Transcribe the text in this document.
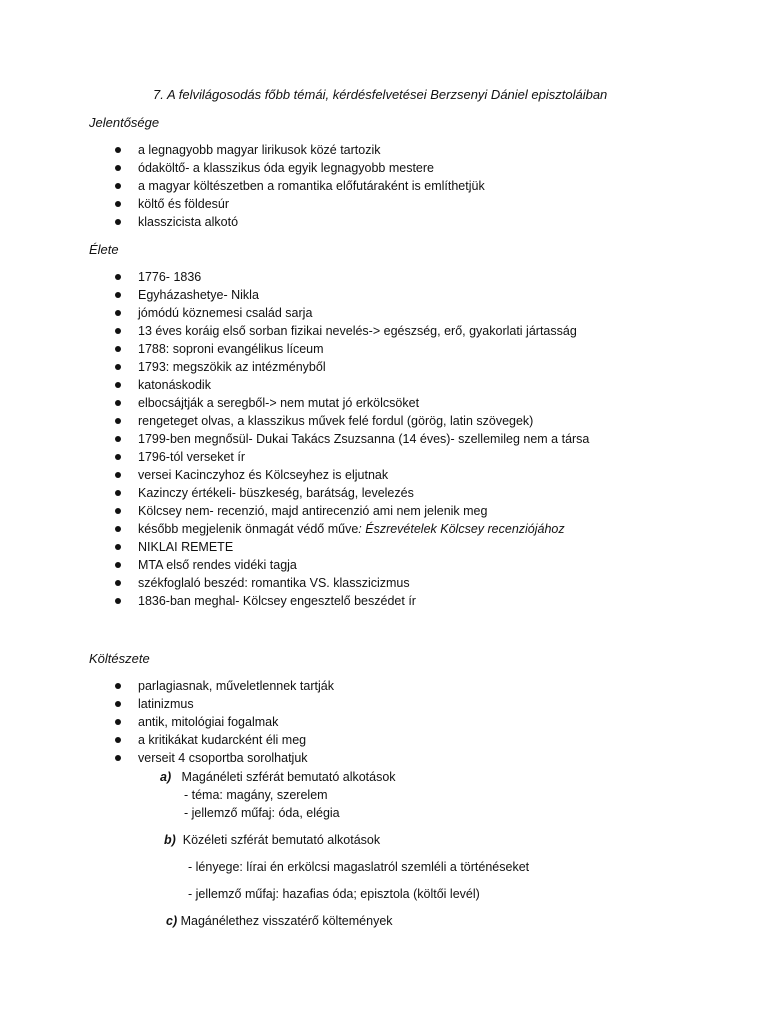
7. A felvilágosodás főbb témái, kérdésfelvetései Berzsenyi Dániel episztoláiban
Jelentősége
a legnagyobb magyar lirikusok közé tartozik
ódaköltő- a klasszikus óda egyik legnagyobb mestere
a magyar költészetben a romantika előfutáraként is említhetjük
költő és földesúr
klasszicista alkotó
Élete
1776- 1836
Egyházashetye- Nikla
jómódú köznemesi család sarja
13 éves koráig első sorban fizikai nevelés-> egészség, erő, gyakorlati jártasság
1788: soproni evangélikus líceum
1793: megszökik az intézményből
katonáskodik
elbocsájtják a seregből-> nem mutat jó erkölcsöket
rengeteget olvas, a klasszikus művek felé fordul (görög, latin szövegek)
1799-ben megnősül- Dukai Takács Zsuzsanna (14 éves)- szellemileg nem a társa
1796-tól verseket ír
versei Kacinczyhoz és Kölcseyhez is eljutnak
Kazinczy értékeli- büszkeség, barátság, levelezés
Kölcsey nem- recenzió, majd antirecenzió ami nem jelenik meg
később megjelenik önmagát védő műve: Észrevételek Kölcsey recenziójához
NIKLAI REMETE
MTA első rendes vidéki tagja
székfoglaló beszéd: romantika VS. klasszicizmus
1836-ban meghal- Kölcsey engesztelő beszédet ír
Költészete
parlagiasnak, műveletlennek tartják
latinizmus
antik, mitológiai fogalmak
a kritikákat kudarcként éli meg
verseit 4 csoportba sorolhatjuk
a) Magánéleti szférát bemutató alkotások
- téma: magány, szerelem
- jellemző műfaj: óda, elégia
b) Közéleti szférát bemutató alkotások
- lényege: lírai én erkölcsi magaslatról szemléli a történéseket
- jellemző műfaj: hazafias óda; episztola (költői levél)
c) Magánélethez visszatérő költemények
